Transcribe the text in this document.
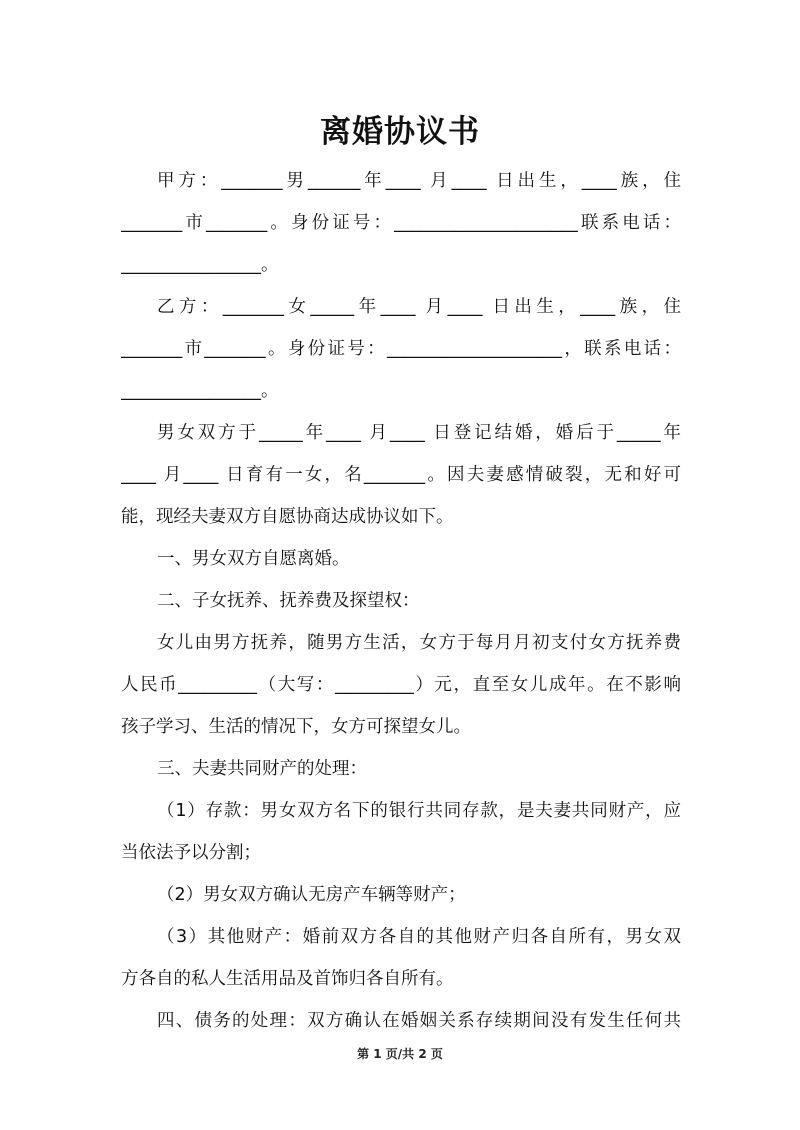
离婚协议书
甲方：_______男______年____ 月____ 日出生，____族，住
_______市_______。身份证号：_____________________联系电话：
________________。
乙方：_______女_____年____ 月____ 日出生，____族，住
_______市_______。身份证号：____________________，联系电话：
________________。
男女双方于_____年____ 月____ 日登记结婚，婚后于_____年
____ 月____ 日育有一女，名_______。因夫妻感情破裂，无和好可
能，现经夫妻双方自愿协商达成协议如下。
一、男女双方自愿离婚。
二、子女抚养、抚养费及探望权：
女儿由男方抚养，随男方生活，女方于每月月初支付女方抚养费
人民币_________（大写：_________）元，直至女儿成年。在不影响
孩子学习、生活的情况下，女方可探望女儿。
三、夫妻共同财产的处理：
（1）存款：男女双方名下的银行共同存款，是夫妻共同财产，应
当依法予以分割；
（2）男女双方确认无房产车辆等财产；
（3）其他财产：婚前双方各自的其他财产归各自所有，男女双
方各自的私人生活用品及首饰归各自所有。
四、债务的处理：双方确认在婚姻关系存续期间没有发生任何共
第 1 页/共 2 页
